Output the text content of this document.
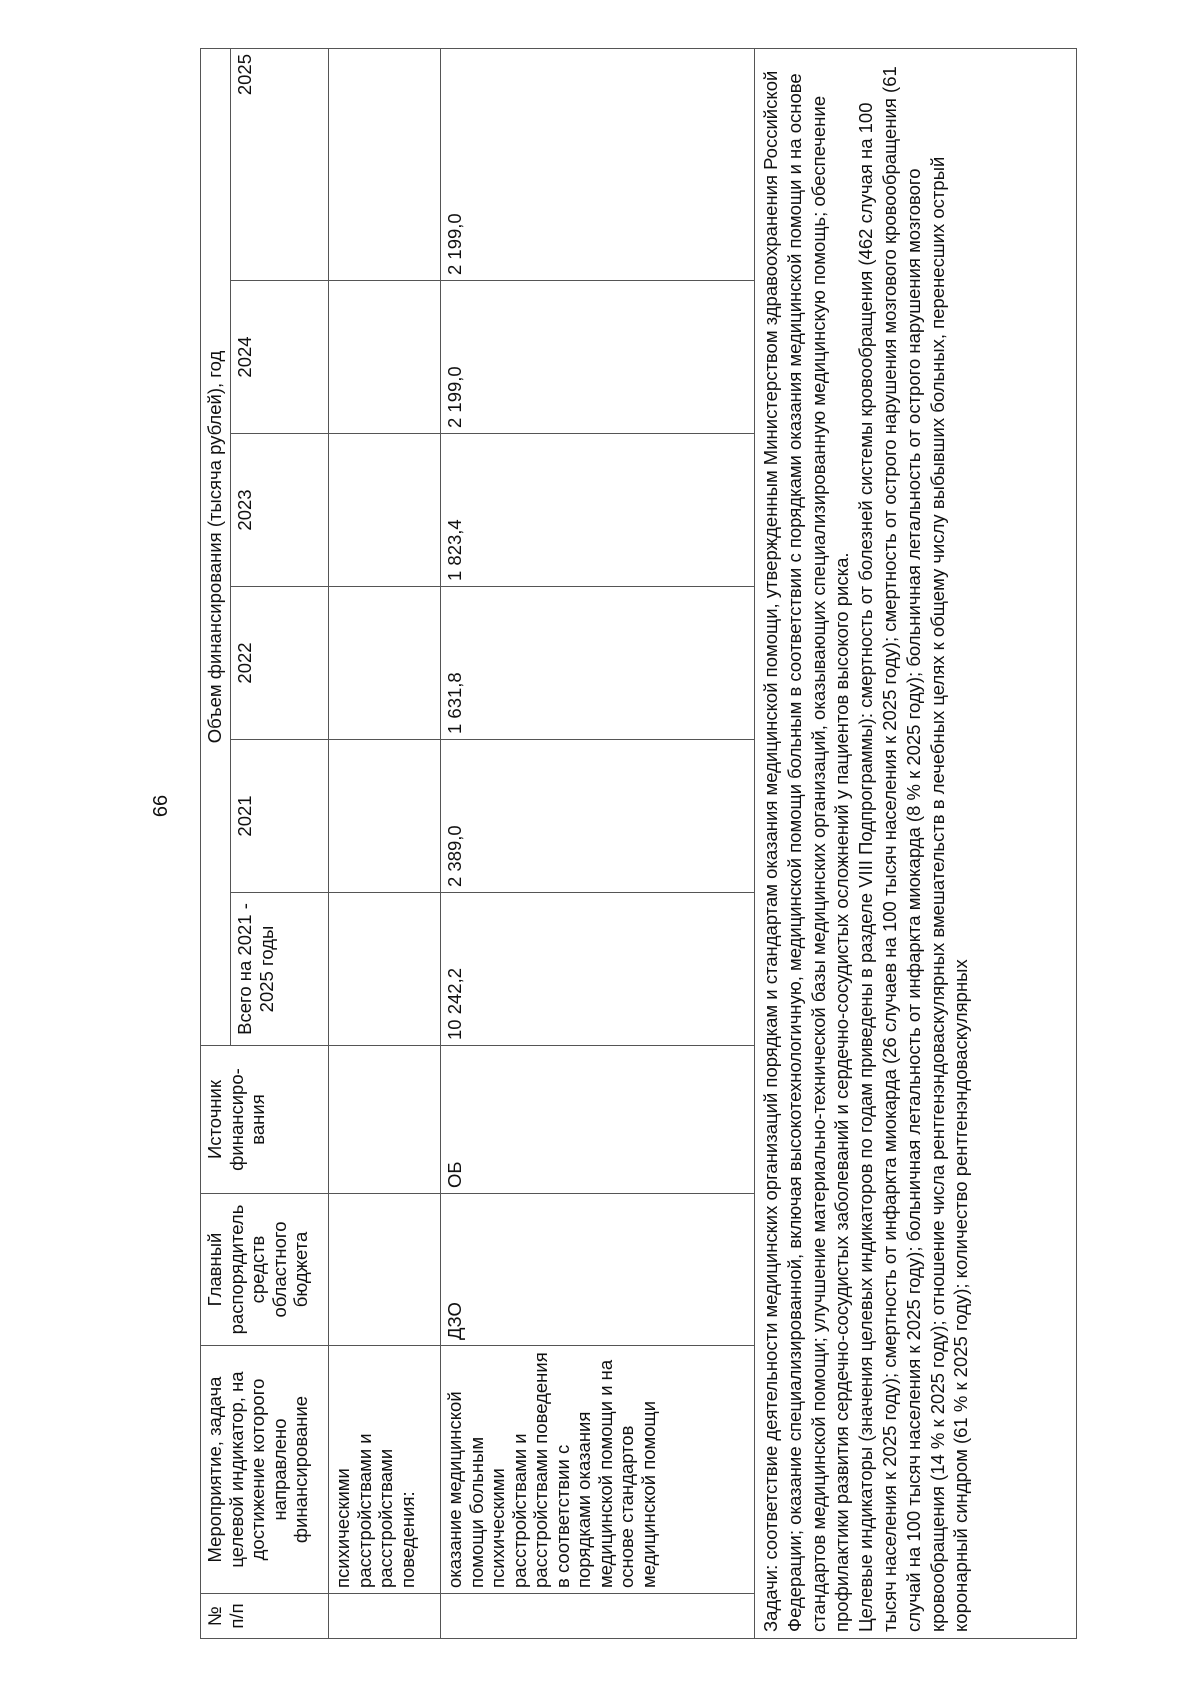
66
№ п/п	Мероприятие, задача целевой индикатор, на достижение которого направлено финансирование	Главный распорядитель средств областного бюджета	Источник финансиро-вания	Объем финансирования (тысяча рублей), год					
				Всего на 2021 - 2025 годы	2021	2022	2023	2024	2025
	психическими расстройствами и расстройствами поведения:								
	оказание медицинской помощи больным психическими расстройствами и расстройствами поведения в соответствии с порядками оказания медицинской помощи и на основе стандартов медицинской помощи	ДЗО	ОБ	10 242,2	2 389,0	1 631,8	1 823,4	2 199,0	2 199,0

Задачи: соответствие деятельности медицинских организаций порядкам и стандартам оказания медицинской помощи, утвержденным Министерством здравоохранения Российской Федерации; оказание специализированной, включая высокотехнологичную, медицинской помощи больным в соответствии с порядками оказания медицинской помощи и на основе стандартов медицинской помощи; улучшение материально-технической базы медицинских организаций, оказывающих специализированную медицинскую помощь; обеспечение профилактики развития сердечно-сосудистых заболеваний и сердечно-сосудистых осложнений у пациентов высокого риска. Целевые индикаторы (значения целевых индикаторов по годам приведены в разделе VIII Подпрограммы): смертность от болезней системы кровообращения (462 случая на 100 тысяч населения к 2025 году); смертность от инфаркта миокарда (26 случаев на 100 тысяч населения к 2025 году); смертность от острого нарушения мозгового кровообращения (61 случай на 100 тысяч населения к 2025 году); больничная летальность от инфаркта миокарда (8 % к 2025 году); больничная летальность от острого нарушения мозгового кровообращения (14 % к 2025 году); отношение числа рентгенэндоваскулярных вмешательств в лечебных целях к общему числу выбывших больных, перенесших острый коронарный синдром (61 % к 2025 году); количество рентгенэндоваскулярных									
